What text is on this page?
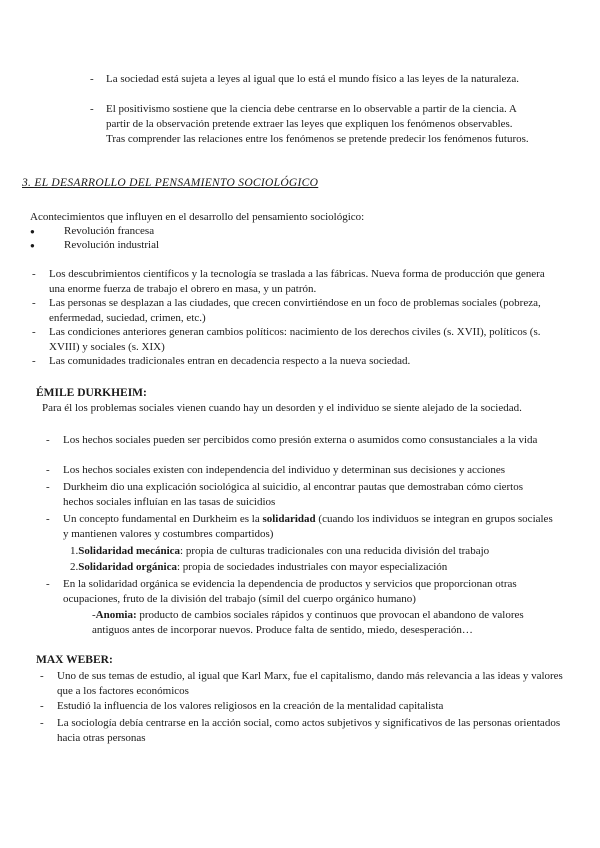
- La sociedad está sujeta a leyes al igual que lo está el mundo físico a las leyes de la naturaleza.
- El positivismo sostiene que la ciencia debe centrarse en lo observable a partir de la ciencia. A partir de la observación pretende extraer las leyes que expliquen los fenómenos observables. Tras comprender las relaciones entre los fenómenos se pretende predecir los fenómenos futuros.
3. EL DESARROLLO DEL PENSAMIENTO SOCIOLÓGICO
Acontecimientos que influyen en el desarrollo del pensamiento sociológico:
●	Revolución francesa
●	Revolución industrial
- Los descubrimientos científicos y la tecnología se traslada a las fábricas. Nueva forma de producción que genera una enorme fuerza de trabajo el obrero en masa, y un patrón.
- Las personas se desplazan a las ciudades, que crecen convirtiéndose en un foco de problemas sociales (pobreza, enfermedad, suciedad, crimen, etc.)
- Las condiciones anteriores generan cambios políticos: nacimiento de los derechos civiles (s. XVII), políticos (s. XVIII) y sociales (s. XIX)
- Las comunidades tradicionales entran en decadencia respecto a la nueva sociedad.
ÉMILE DURKHEIM:
Para él los problemas sociales vienen cuando hay un desorden y el individuo se siente alejado de la sociedad.
- Los hechos sociales pueden ser percibidos como presión externa o asumidos como consustanciales a la vida
- Los hechos sociales existen con independencia del individuo y determinan sus decisiones y acciones
- Durkheim dio una explicación sociológica al suicidio, al encontrar pautas que demostraban cómo ciertos hechos sociales influían en las tasas de suicidios
- Un concepto fundamental en Durkheim es la solidaridad (cuando los individuos se integran en grupos sociales y mantienen valores y costumbres compartidos)
1.Solidaridad mecánica: propia de culturas tradicionales con una reducida división del trabajo
2.Solidaridad orgánica: propia de sociedades industriales con mayor especialización
- En la solidaridad orgánica se evidencia la dependencia de productos y servicios que proporcionan otras ocupaciones, fruto de la división del trabajo (símil del cuerpo orgánico humano)
-Anomia: producto de cambios sociales rápidos y continuos que provocan el abandono de valores antiguos antes de incorporar nuevos. Produce falta de sentido, miedo, desesperación…
MAX WEBER:
- Uno de sus temas de estudio, al igual que Karl Marx, fue el capitalismo, dando más relevancia a las ideas y valores que a los factores económicos
- Estudió la influencia de los valores religiosos en la creación de la mentalidad capitalista
- La sociología debía centrarse en la acción social, como actos subjetivos y significativos de las personas orientados hacia otras personas
